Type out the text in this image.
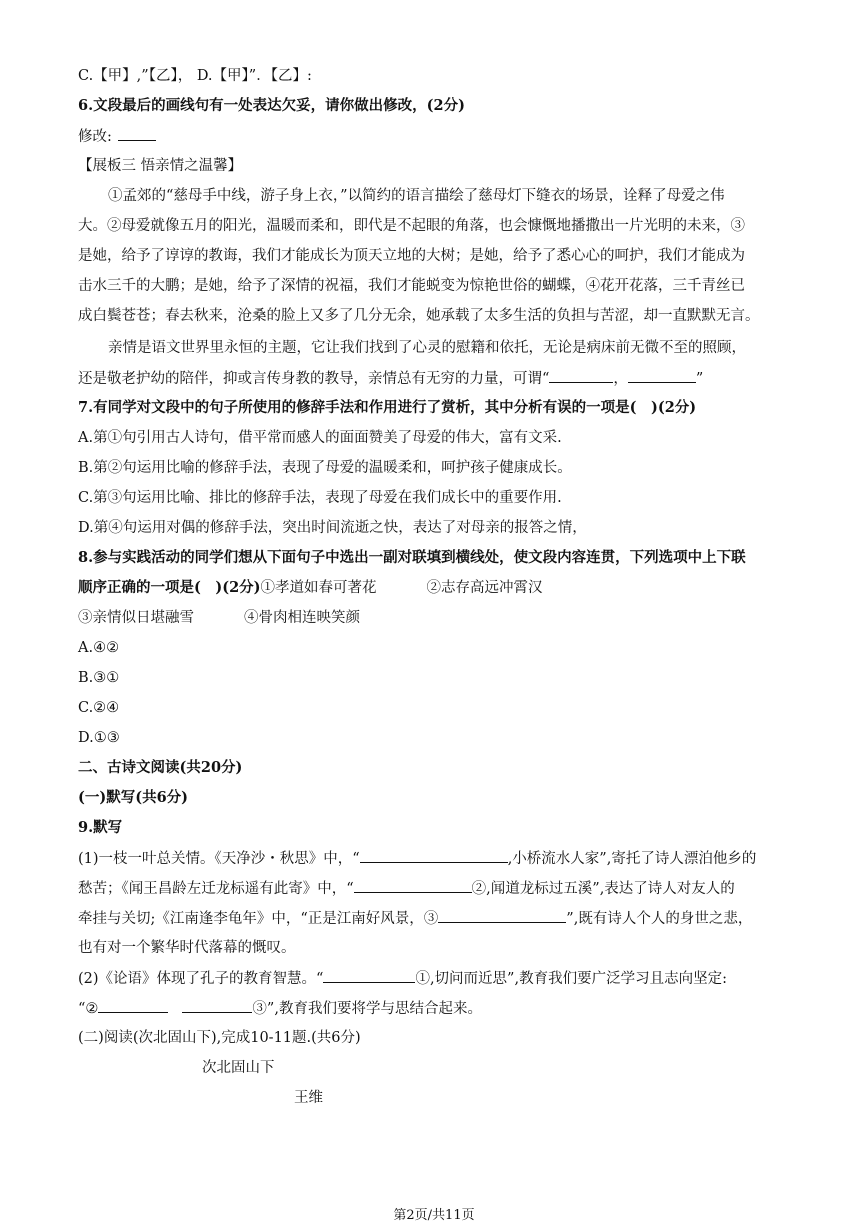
C.【甲】,”【乙】， D.【甲】”．【乙】:
6.文段最后的画线句有一处表达欠妥，请你做出修改，(2分)
修改:
【展板三 悟亲情之温馨】
①孟郊的“慈母手中线，游子身上衣，”以简约的语言描绘了慈母灯下缝衣的场景，诠释了母爱之伟
大。②母爱就像五月的阳光，温暖而柔和，即代是不起眼的角落，也会慷慨地播撒出一片光明的未来，③
是她，给予了谆谆的教诲，我们才能成长为顶天立地的大树；是她，给予了悉心心的呵护，我们才能成为
击水三千的大鹏；是她，给予了深情的祝福，我们才能蜕变为惊艳世俗的蝴蝶，④花开花落，三千青丝已
成白鬓苍苍；春去秋来，沧桑的脸上又多了几分无余，她承载了太多生活的负担与苦涩，却一直默默无言。
亲情是语文世界里永恒的主题，它让我们找到了心灵的慰籍和依托，无论是病床前无微不至的照顾，
还是敬老护幼的陪伴，抑或言传身教的教导，亲情总有无穷的力量，可谓“	，	”
7.有同学对文段中的句子所使用的修辞手法和作用进行了赏析，其中分析有误的一项是(　)(2分)
A.第①句引用古人诗句，借平常而感人的面面赞美了母爱的伟大，富有文采.
B.第②句运用比喻的修辞手法，表现了母爱的温暖柔和，呵护孩子健康成长。
C.第③句运用比喻、排比的修辞手法，表现了母爱在我们成长中的重要作用.
D.第④句运用对偶的修辞手法，突出时间流逝之快，表达了对母亲的报答之情，
8.参与实践活动的同学们想从下面句子中选出一副对联填到横线处，使文段内容连贯，下列选项中上下联
顺序正确的一项是(　)(2分)①孝道如春可著花	②志存高远冲霄汉
③亲情似日堪融雪	④骨肉相连映笑颜
A.④②
B.③①
C.②④
D.①③
二、古诗文阅读(共20分)
(一)默写(共6分)
9.默写
(1)一枝一叶总关情。《天净沙・秋思》中，“	,小桥流水人家”,寄托了诗人漂泊他乡的
愁苦；《闻王昌龄左迁龙标遥有此寄》中，“	②,闻道龙标过五溪”,表达了诗人对友人的
牵挂与关切;《江南逢李龟年》中，“正是江南好风景，③	”,既有诗人个人的身世之悲，
也有对一个繁华时代落幕的慨叹。
(2)《论语》体现了孔子的教育智慧。“	①,切问而近思”,教育我们要广泛学习且志向坚定:
“②	③”,教育我们要将学与思结合起来。
(二)阅读(次北固山下),完成10-11题.(共6分)
次北固山下
王维
第2页/共11页
